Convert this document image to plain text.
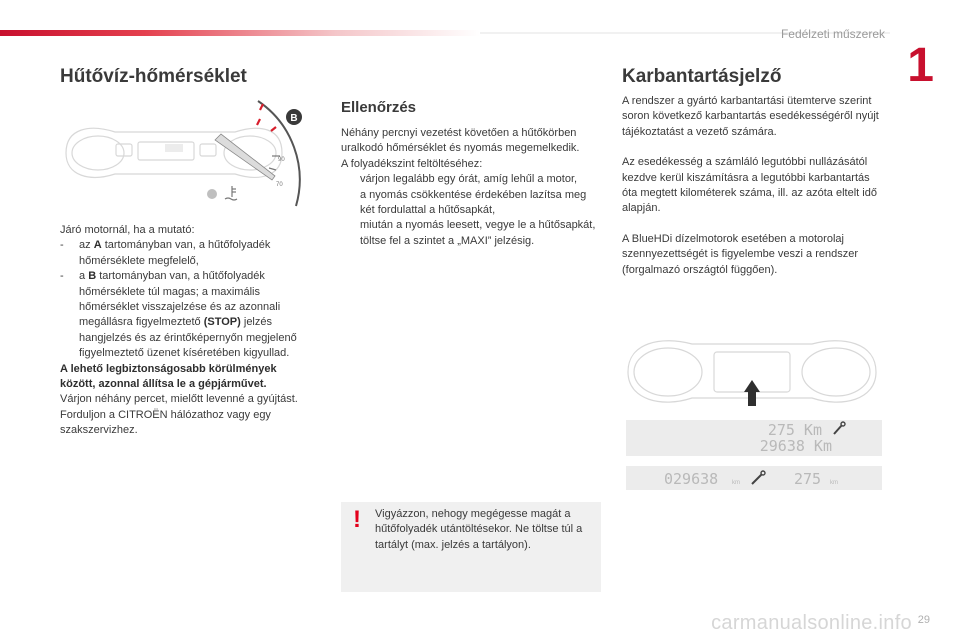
Fedélzeti műszerek
1
Hűtővíz-hőmérséklet
B
90
70

Járó motornál, ha a mutató:

-	az A tartományban van, a hűtőfolyadék hőmérséklete megfelelő,
-	a B tartományban van, a hűtőfolyadék hőmérséklete túl magas; a maximális hőmérséklet visszajelzése és az azonnali megállásra figyelmeztető (STOP) jelzés hangjelzés és az érintőképernyőn megjelenő figyelmeztető üzenet kíséretében kigyullad.

A lehető legbiztonságosabb körülmények között, azonnal állítsa le a gépjárművet.

Várjon néhány percet, mielőtt levenné a gyújtást.

Forduljon a CITROËN hálózathoz vagy egy szakszervizhez.

Ellenőrzés

Néhány percnyi vezetést követően a hűtőkörben uralkodó hőmérséklet és nyomás megemelkedik.

A folyadékszint feltöltéséhez:

várjon legalább egy órát, amíg lehűl a motor,
a nyomás csökkentése érdekében lazítsa meg két fordulattal a hűtősapkát,
miután a nyomás leesett, vegye le a hűtősapkát,
töltse fel a szintet a „MAXI” jelzésig.
! Vigyázzon, nehogy megégesse magát a hűtőfolyadék utántöltésekor. Ne töltse túl a tartályt (max. jelzés a tartályon).
Karbantartásjelző

A rendszer a gyártó karbantartási ütemterve szerint soron következő karbantartás esedékességéről nyújt tájékoztatást a vezető számára.

Az esedékesség a számláló legutóbbi nullázásától kezdve kerül kiszámításra a legutóbbi karbantartás óta megtett kilométerek száma, ill. az azóta eltelt idő alapján.

A BlueHDi dízelmotorok esetében a motorolaj szennyezettségét is figyelembe veszi a rendszer (forgalmazó országtól függően).

275 Km
29638 Km
029638 km	275 km
carmanualsonline.info 29
